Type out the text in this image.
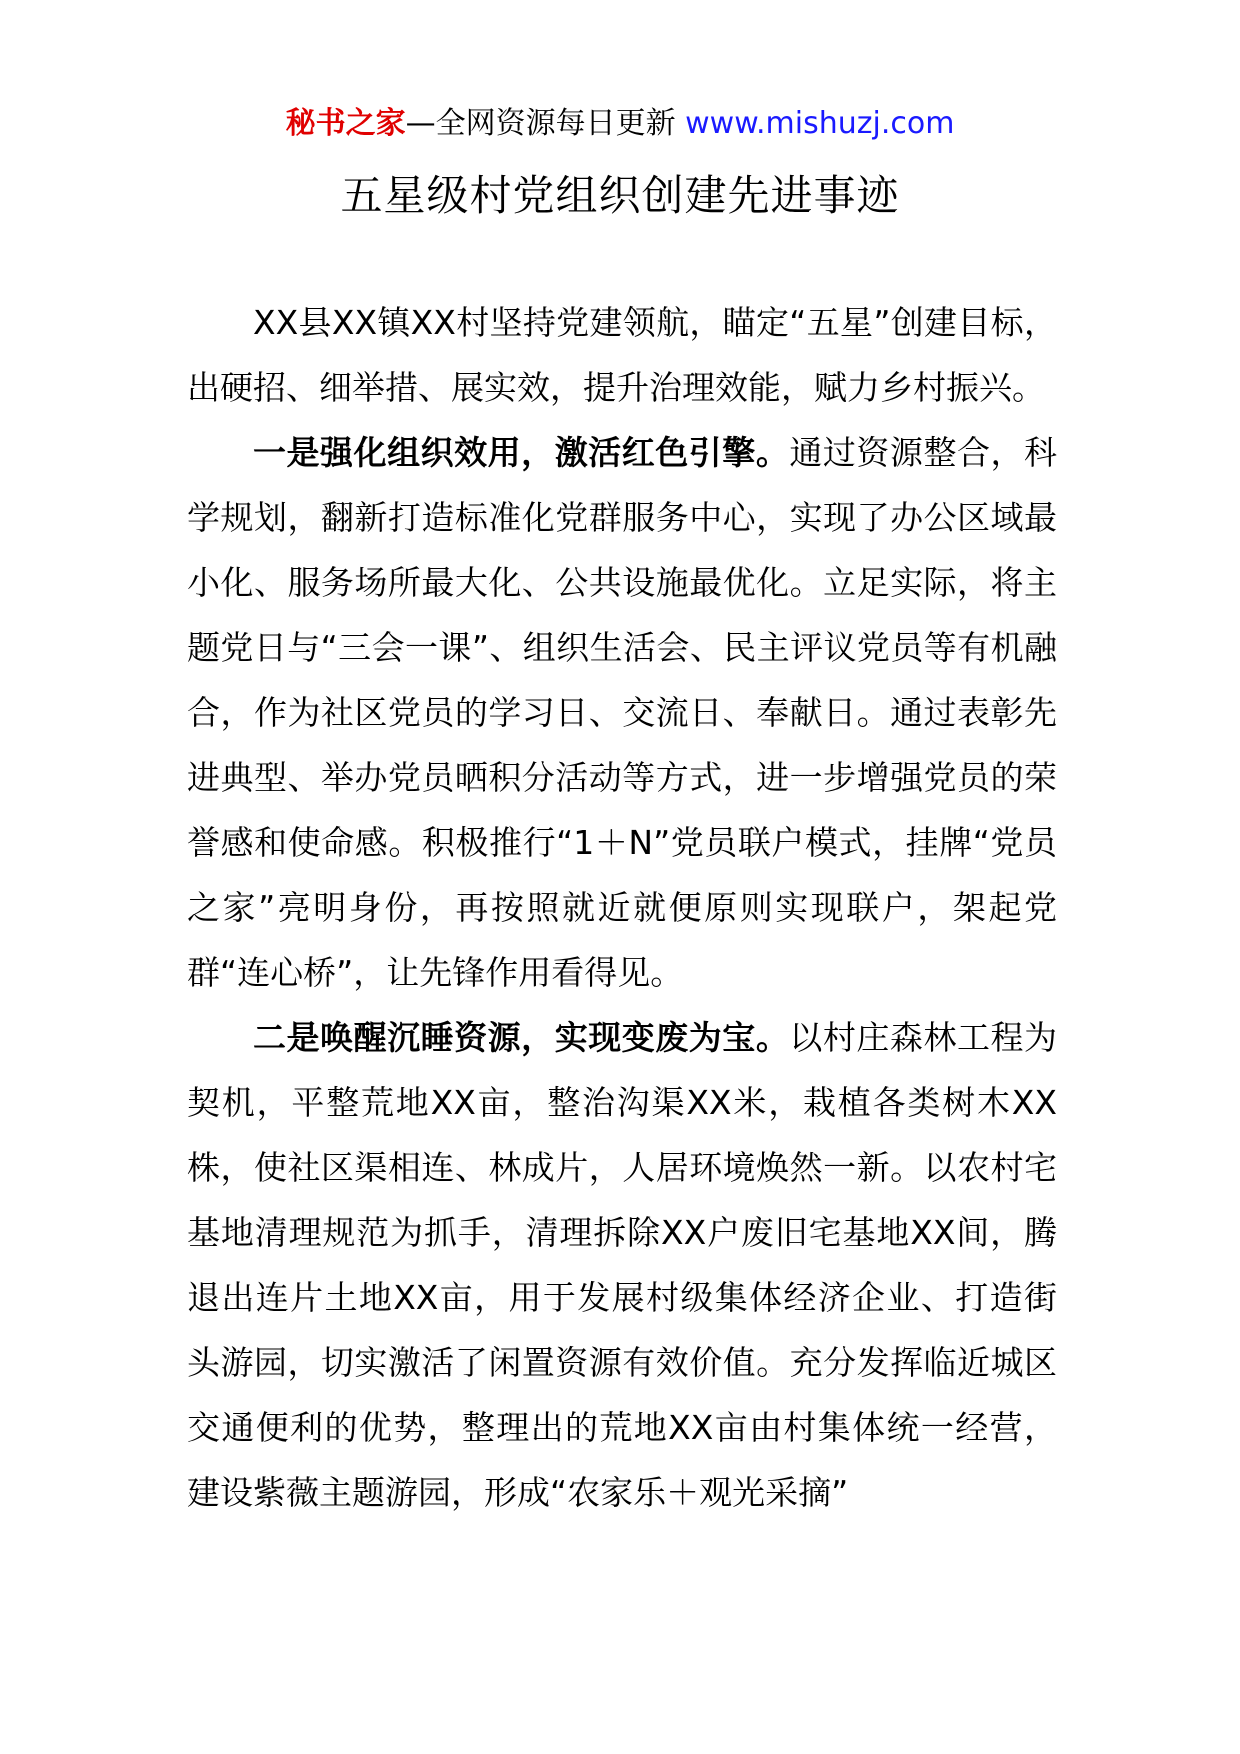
秘书之家—全网资源每日更新 www.mishuzj.com
五星级村党组织创建先进事迹

XX县XX镇XX村坚持党建领航，瞄定“五星”创建目标，出硬招、细举措、展实效，提升治理效能，赋力乡村振兴。

一是强化组织效用，激活红色引擎。通过资源整合，科学规划，翻新打造标准化党群服务中心，实现了办公区域最小化、服务场所最大化、公共设施最优化。立足实际，将主题党日与“三会一课”、组织生活会、民主评议党员等有机融合，作为社区党员的学习日、交流日、奉献日。通过表彰先进典型、举办党员晒积分活动等方式，进一步增强党员的荣誉感和使命感。积极推行“1＋N”党员联户模式，挂牌“党员之家”亮明身份，再按照就近就便原则实现联户，架起党群“连心桥”，让先锋作用看得见。

二是唤醒沉睡资源，实现变废为宝。以村庄森林工程为契机，平整荒地XX亩，整治沟渠XX米，栽植各类树木XX株，使社区渠相连、林成片，人居环境焕然一新。以农村宅基地清理规范为抓手，清理拆除XX户废旧宅基地XX间，腾退出连片土地XX亩，用于发展村级集体经济企业、打造街头游园，切实激活了闲置资源有效价值。充分发挥临近城区交通便利的优势，整理出的荒地XX亩由村集体统一经营，建设紫薇主题游园，形成“农家乐＋观光采摘”
